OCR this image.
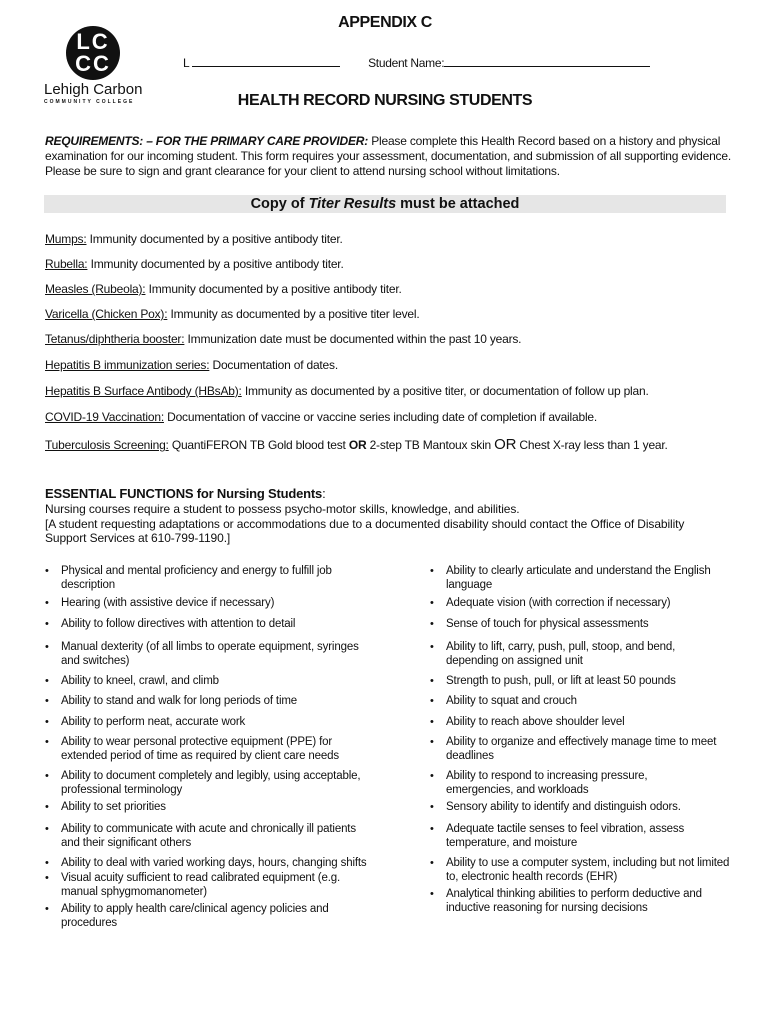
LC
CC
Lehigh Carbon
COMMUNITY COLLEGE
APPENDIX C
L	Student Name:
HEALTH RECORD NURSING STUDENTS
REQUIREMENTS: – FOR THE PRIMARY CARE PROVIDER: Please complete this Health Record based on a history and physical examination for our incoming student. This form requires your assessment, documentation, and submission of all supporting evidence. Please be sure to sign and grant clearance for your client to attend nursing school without limitations.
Copy of Titer Results must be attached
Mumps: Immunity documented by a positive antibody titer.
Rubella: Immunity documented by a positive antibody titer.
Measles (Rubeola): Immunity documented by a positive antibody titer.
Varicella (Chicken Pox): Immunity as documented by a positive titer level.
Tetanus/diphtheria booster: Immunization date must be documented within the past 10 years.
Hepatitis B immunization series: Documentation of dates.
Hepatitis B Surface Antibody (HBsAb): Immunity as documented by a positive titer, or documentation of follow up plan.
COVID-19 Vaccination: Documentation of vaccine or vaccine series including date of completion if available.
Tuberculosis Screening: QuantiFERON TB Gold blood test OR 2-step TB Mantoux skin OR Chest X-ray less than 1 year.
ESSENTIAL FUNCTIONS for Nursing Students:
Nursing courses require a student to possess psycho-motor skills, knowledge, and abilities.
[A student requesting adaptations or accommodations due to a documented disability should contact the Office of Disability Support Services at 610-799-1190.]
• Physical and mental proficiency and energy to fulfill job description
• Hearing (with assistive device if necessary)
• Ability to follow directives with attention to detail
• Manual dexterity (of all limbs to operate equipment, syringes and switches)
• Ability to kneel, crawl, and climb
• Ability to stand and walk for long periods of time
• Ability to perform neat, accurate work
• Ability to wear personal protective equipment (PPE) for extended period of time as required by client care needs
• Ability to document completely and legibly, using acceptable, professional terminology
• Ability to set priorities
• Ability to communicate with acute and chronically ill patients and their significant others
• Ability to deal with varied working days, hours, changing shifts
• Visual acuity sufficient to read calibrated equipment (e.g. manual sphygmomanometer)
• Ability to apply health care/clinical agency policies and procedures
• Ability to clearly articulate and understand the English language
• Adequate vision (with correction if necessary)
• Sense of touch for physical assessments
• Ability to lift, carry, push, pull, stoop, and bend, depending on assigned unit
• Strength to push, pull, or lift at least 50 pounds
• Ability to squat and crouch
• Ability to reach above shoulder level
• Ability to organize and effectively manage time to meet deadlines
• Ability to respond to increasing pressure, emergencies, and workloads
• Sensory ability to identify and distinguish odors.
• Adequate tactile senses to feel vibration, assess temperature, and moisture
• Ability to use a computer system, including but not limited to, electronic health records (EHR)
• Analytical thinking abilities to perform deductive and inductive reasoning for nursing decisions
